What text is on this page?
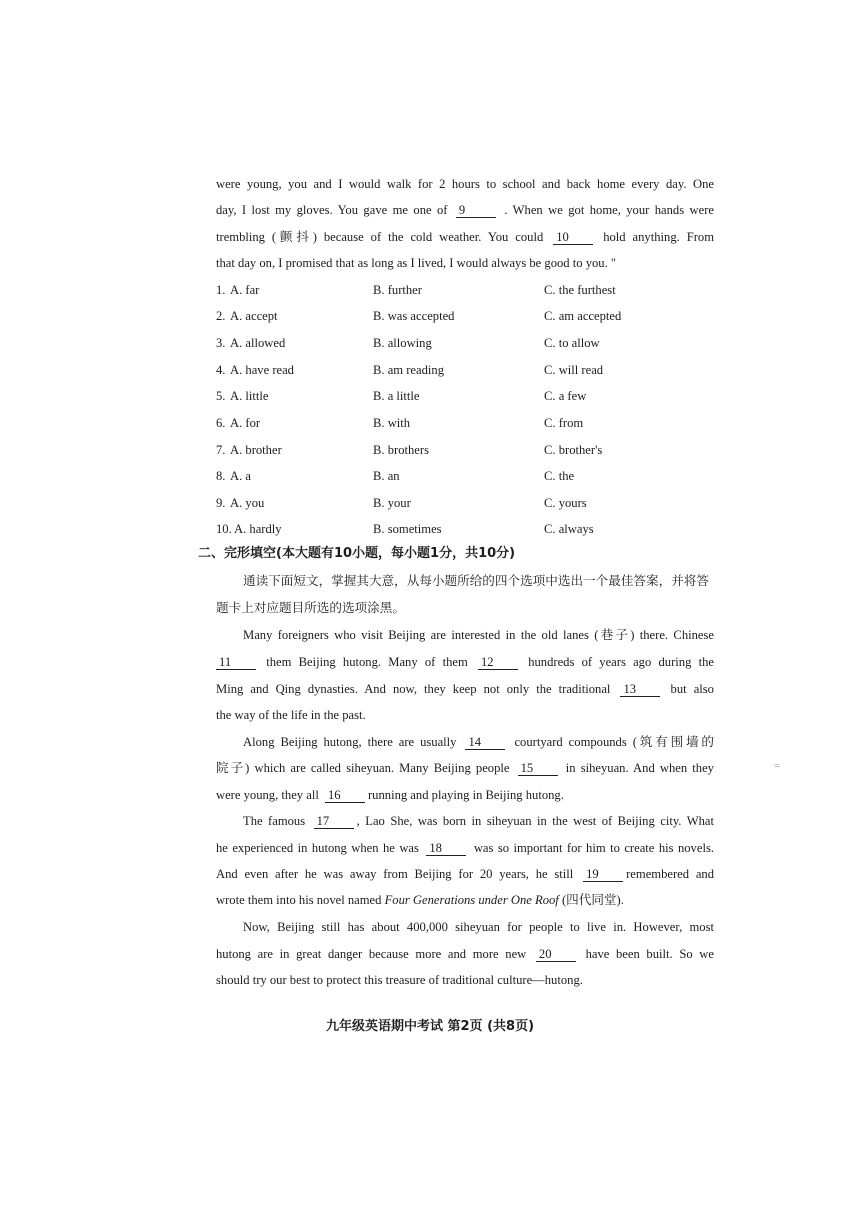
were young, you and I would walk for 2 hours to school and back home every day. One
day, I lost my gloves. You gave me one of 9	. When we got home, your hands were
trembling (颤抖) because of the cold weather. You could 10	hold anything. From
that day on, I promised that as long as I lived, I would always be good to you. "
1. A. far	B. further	C. the furthest
2. A. accept	B. was accepted	C. am accepted
3. A. allowed	B. allowing	C. to allow
4. A. have read	B. am reading	C. will read
5. A. little	B. a little	C. a few
6. A. for	B. with	C. from
7. A. brother	B. brothers	C. brother's
8. A. a	B. an	C. the
9. A. you	B. your	C. yours
10. A. hardly	B. sometimes	C. always
二、完形填空(本大题有10小题，每小题1分，共10分)
通读下面短文，掌握其大意，从每小题所给的四个选项中选出一个最佳答案，并将答
题卡上对应题目所选的选项涂黑。
Many foreigners who visit Beijing are interested in the old lanes (巷子) there. Chinese
11	them Beijing hutong. Many of them 12	hundreds of years ago during the
Ming and Qing dynasties. And now, they keep not only the traditional 13	but also
the way of the life in the past.
Along Beijing hutong, there are usually 14	courtyard compounds (筑有围墙的
院子) which are called siheyuan. Many Beijing people 15	in siheyuan. And when they
were young, they all 16 running and playing in Beijing hutong.
The famous 17 , Lao She, was born in siheyuan in the west of Beijing city. What
he experienced in hutong when he was 18	was so important for him to create his novels.
And even after he was away from Beijing for 20 years, he still 19 remembered and
wrote them into his novel named Four Generations under One Roof (四代同堂).
Now, Beijing still has about 400,000 siheyuan for people to live in. However, most
hutong are in great danger because more and more new 20	have been built. So we
should try our best to protect this treasure of traditional culture—hutong.
九年级英语期中考试 第2页 (共8页)
=
